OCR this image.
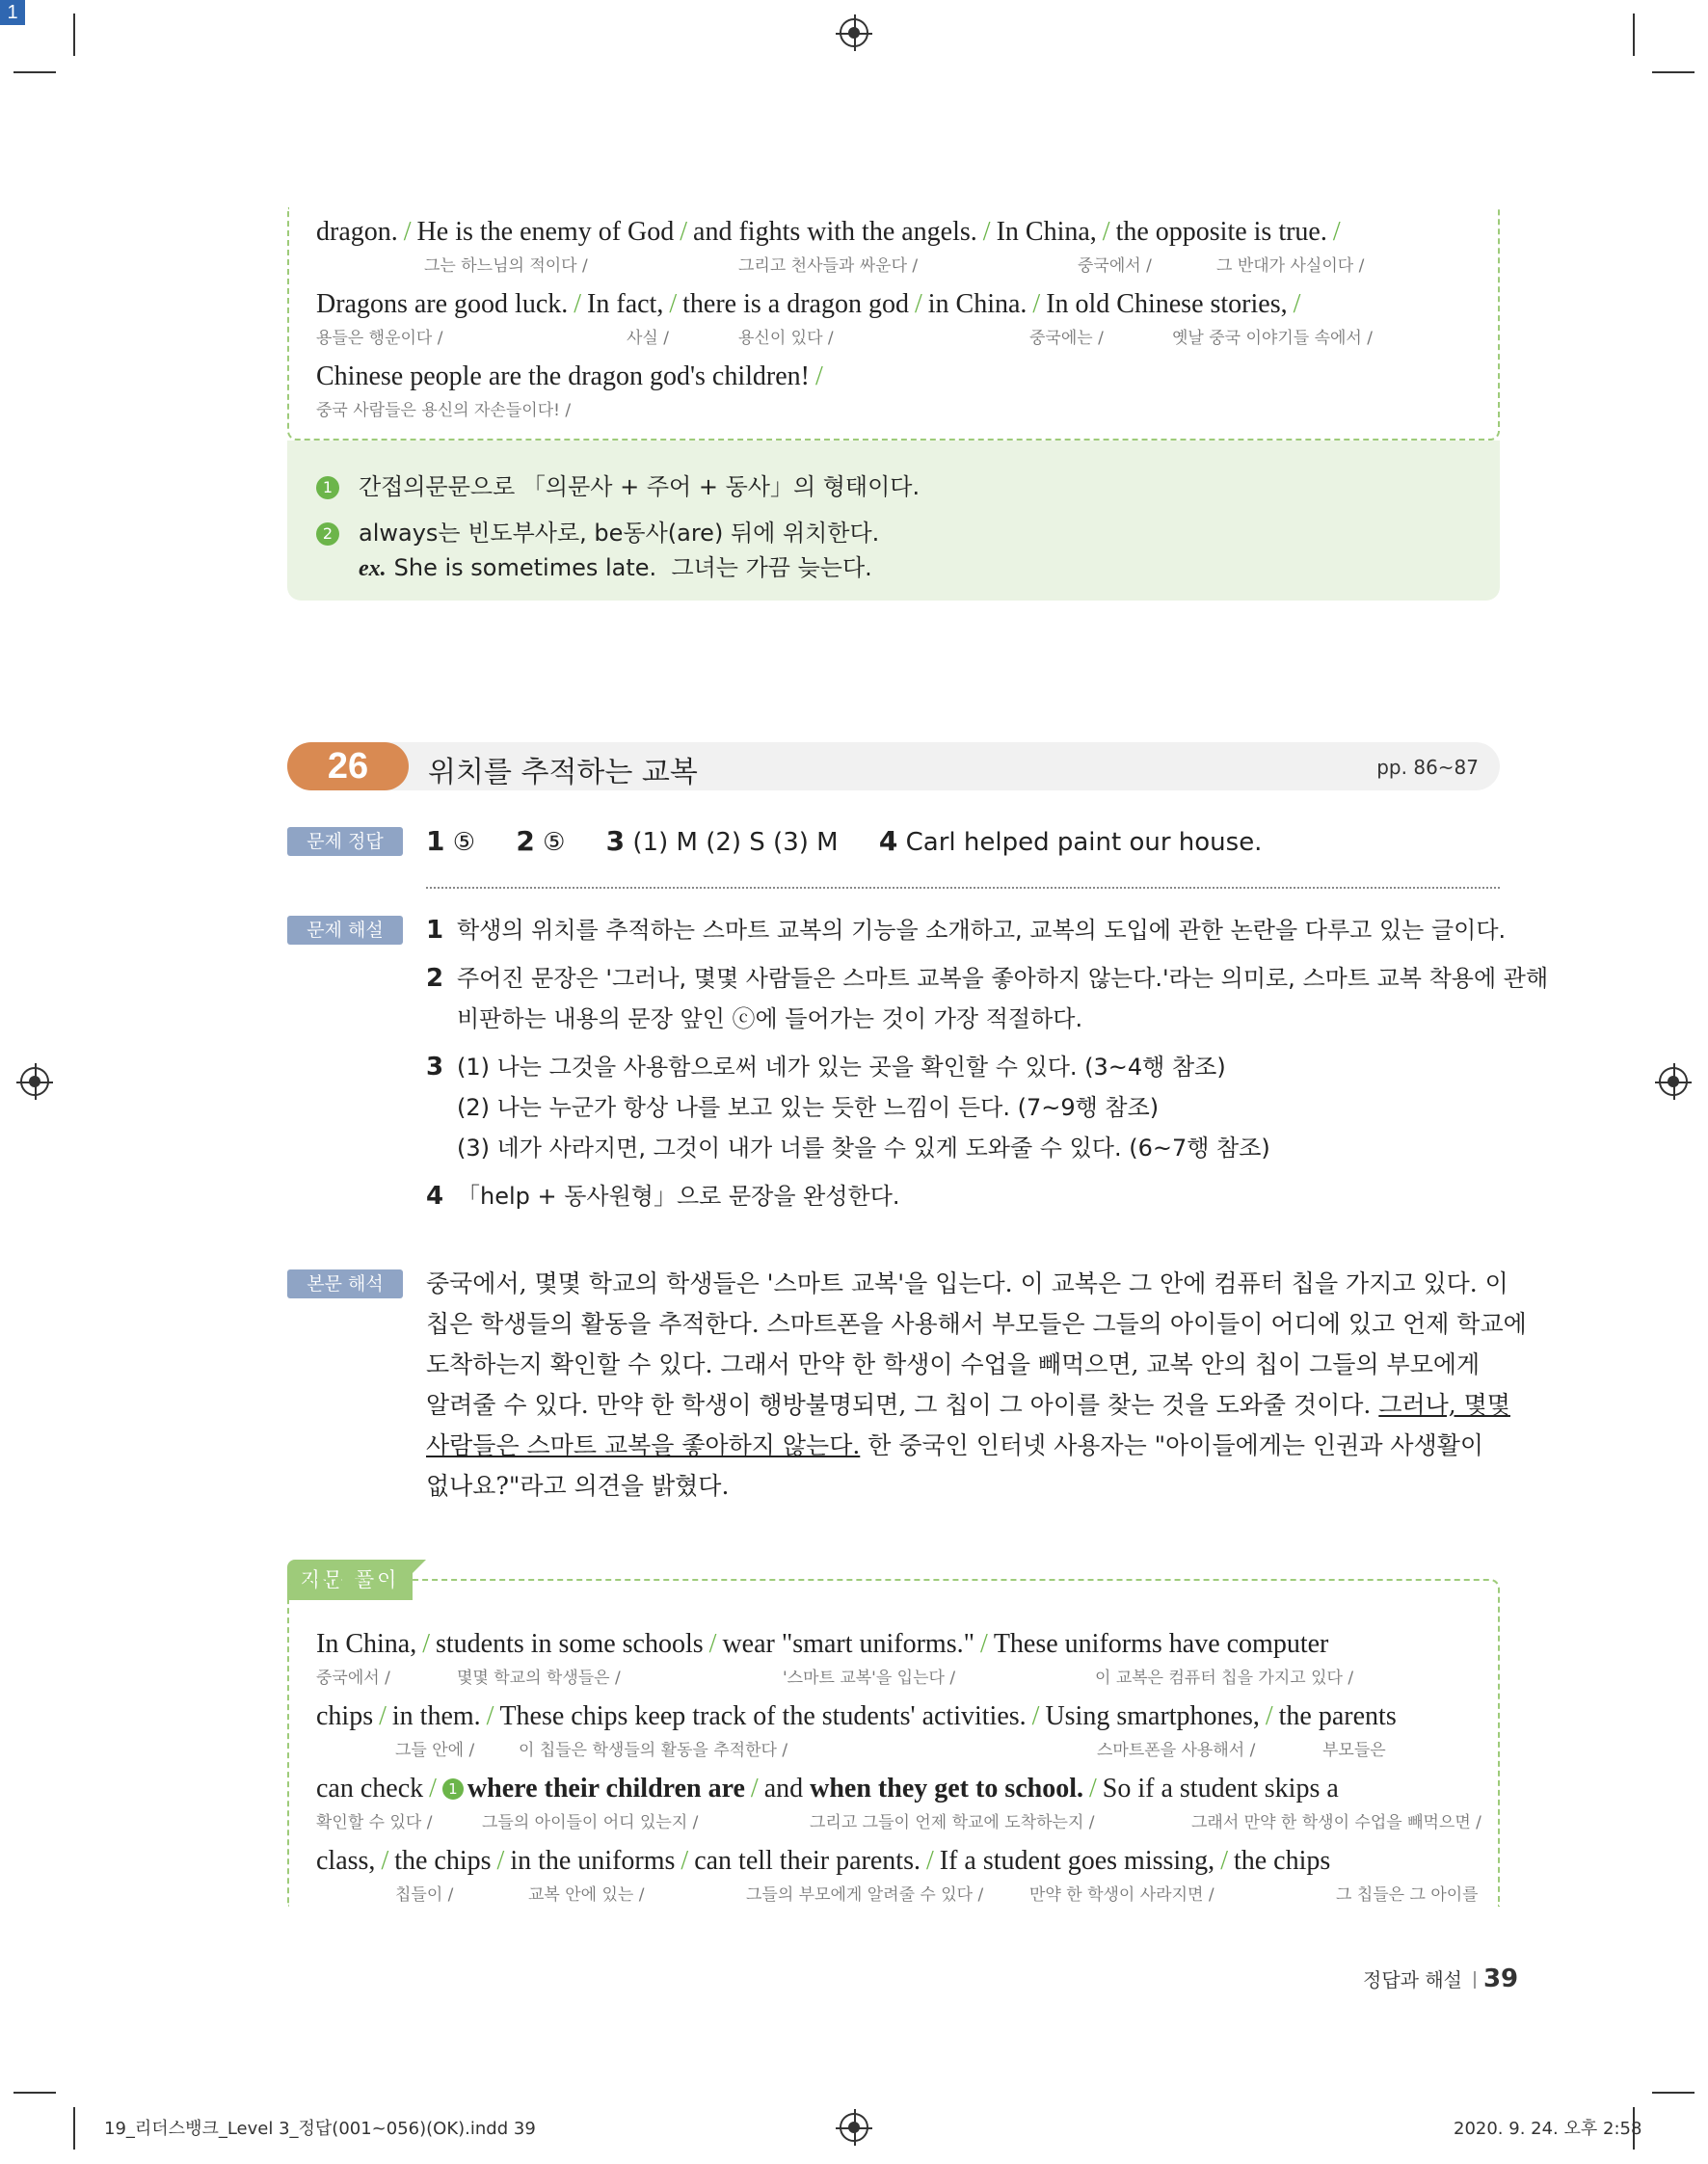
1
dragon. / He is the enemy of God / and fights with the angels. / In China, / the opposite is true. /
그는 하느님의 적이다 /	그리고 천사들과 싸운다 /	중국에서 /	그 반대가 사실이다 /
Dragons are good luck. / In fact, / there is a dragon god / in China. / In old Chinese stories, /
용들은 행운이다 /	사실 /	용신이 있다 /	중국에는 /	옛날 중국 이야기들 속에서 /
Chinese people are the dragon god's children! /
중국 사람들은 용신의 자손들이다! /
1 간접의문문으로 「의문사 + 주어 + 동사」의 형태이다.
2 always는 빈도부사로, be동사(are) 뒤에 위치한다.
ex. She is sometimes late. 그녀는 가끔 늦는다.
26	위치를 추적하는 교복	pp. 86~87
문제 정답	1 ⑤ 2 ⑤ 3 (1) M (2) S (3) M 4 Carl helped paint our house.
문제 해설	1 학생의 위치를 추적하는 스마트 교복의 기능을 소개하고, 교복의 도입에 관한 논란을 다루고 있는 글이다.
2 주어진 문장은 '그러나, 몇몇 사람들은 스마트 교복을 좋아하지 않는다.'라는 의미로, 스마트 교복 착용에 관해
비판하는 내용의 문장 앞인 ⓒ에 들어가는 것이 가장 적절하다.
3 (1) 나는 그것을 사용함으로써 네가 있는 곳을 확인할 수 있다. (3~4행 참조)
(2) 나는 누군가 항상 나를 보고 있는 듯한 느낌이 든다. (7~9행 참조)
(3) 네가 사라지면, 그것이 내가 너를 찾을 수 있게 도와줄 수 있다. (6~7행 참조)
4 「help + 동사원형」으로 문장을 완성한다.
본문 해석	중국에서, 몇몇 학교의 학생들은 '스마트 교복'을 입는다. 이 교복은 그 안에 컴퓨터 칩을 가지고 있다. 이
칩은 학생들의 활동을 추적한다. 스마트폰을 사용해서 부모들은 그들의 아이들이 어디에 있고 언제 학교에
도착하는지 확인할 수 있다. 그래서 만약 한 학생이 수업을 빼먹으면, 교복 안의 칩이 그들의 부모에게
알려줄 수 있다. 만약 한 학생이 행방불명되면, 그 칩이 그 아이를 찾는 것을 도와줄 것이다. 그러나, 몇몇
사람들은 스마트 교복을 좋아하지 않는다. 한 중국인 인터넷 사용자는 "아이들에게는 인권과 사생활이
없나요?"라고 의견을 밝혔다.
지문 풀이
In China, / students in some schools / wear "smart uniforms." / These uniforms have computer
중국에서 /	몇몇 학교의 학생들은 /	'스마트 교복'을 입는다 /	이 교복은 컴퓨터 칩을 가지고 있다 /
chips / in them. / These chips keep track of the students' activities. / Using smartphones, / the parents
그들 안에 /	이 칩들은 학생들의 활동을 추적한다 /	스마트폰을 사용해서 /	부모들은
can check / 1 where their children are / and when they get to school. / So if a student skips a
확인할 수 있다 /	그들의 아이들이 어디 있는지 /	그리고 그들이 언제 학교에 도착하는지 /	그래서 만약 한 학생이 수업을 빼먹으면 /
class, / the chips / in the uniforms / can tell their parents. / If a student goes missing, / the chips
칩들이 /	교복 안에 있는 /	그들의 부모에게 알려줄 수 있다 /	만약 한 학생이 사라지면 /	그 칩들은 그 아이를
정답과 해설 39
19_리더스뱅크_Level 3_정답(001~056)(OK).indd 39	2020. 9. 24. 오후 2:58
